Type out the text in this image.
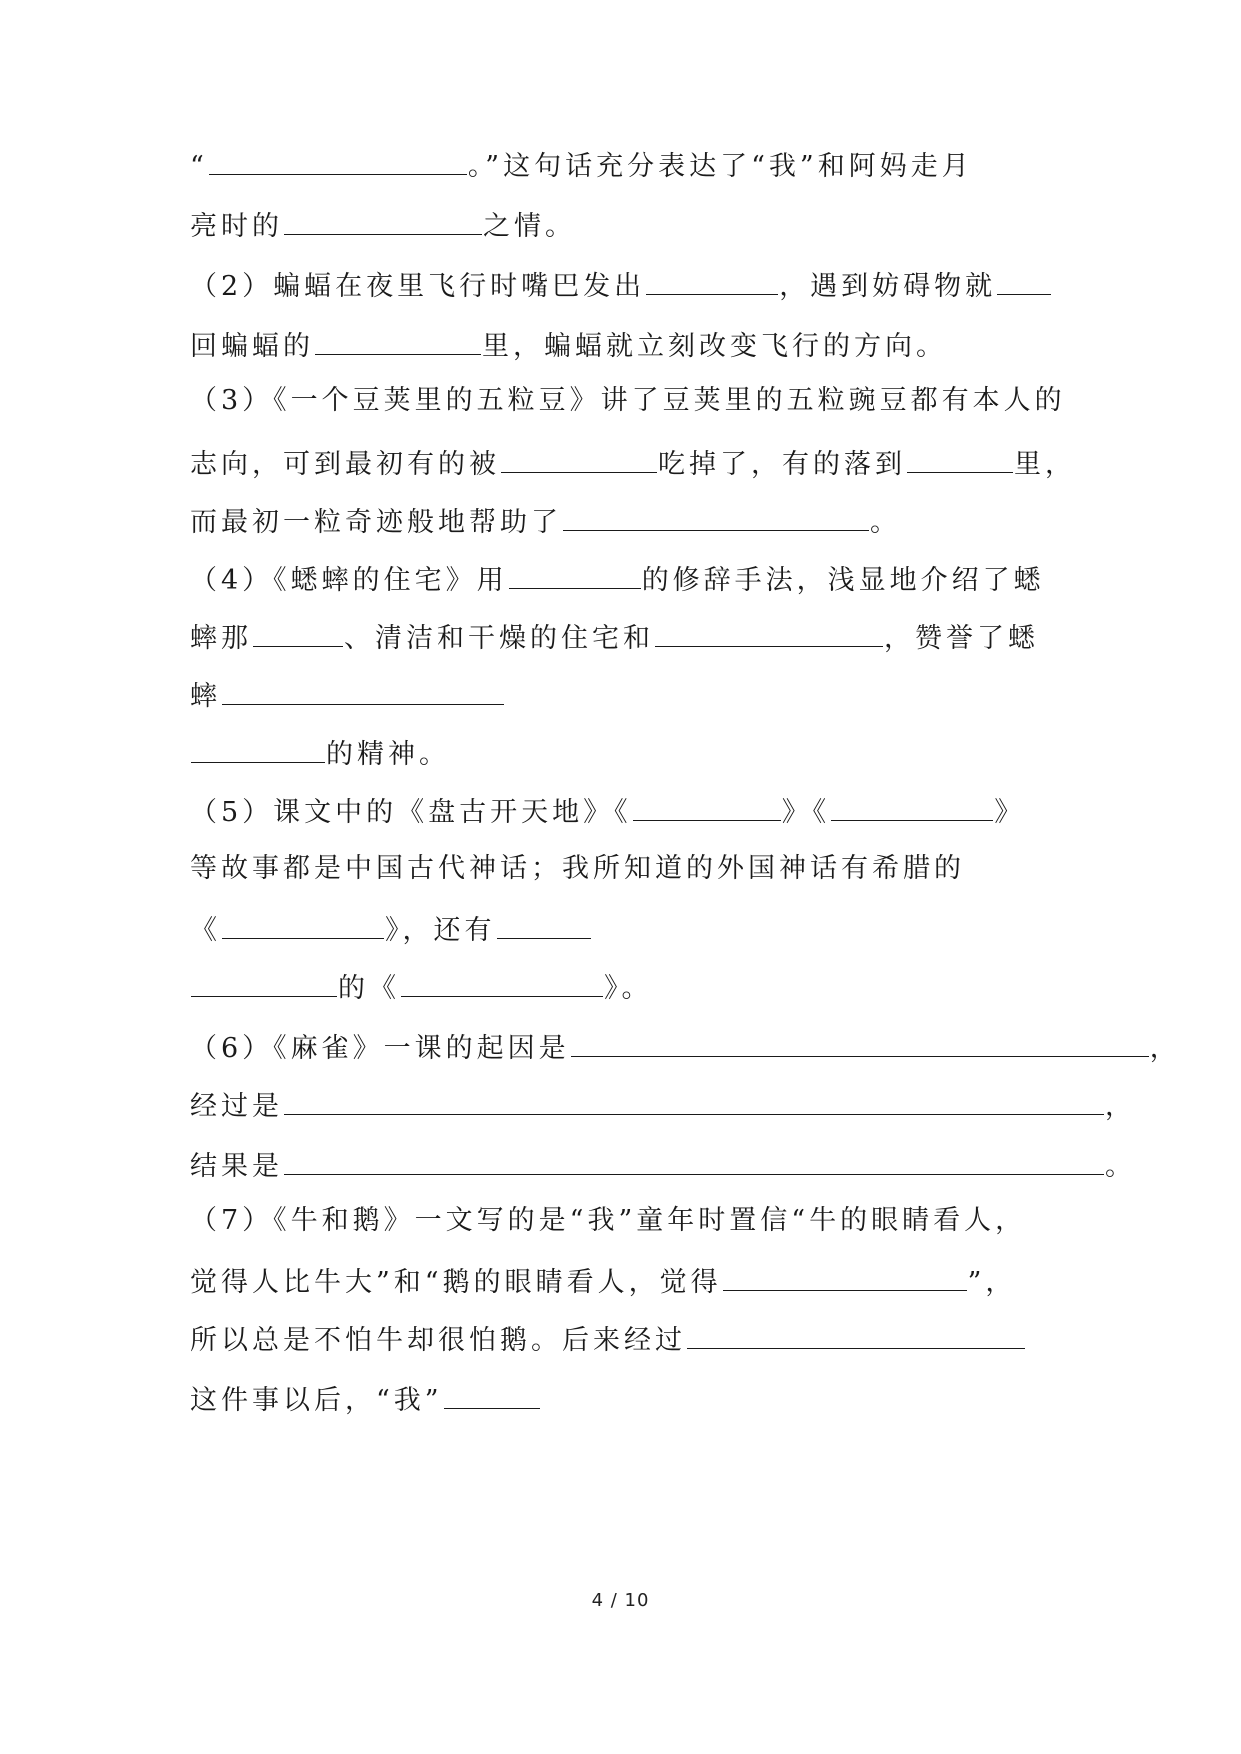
“	。”这句话充分表达了“我”和阿妈走月
亮时的	之情。
（2）蝙蝠在夜里飞行时嘴巴发出	，遇到妨碍物就
回蝙蝠的	里，蝙蝠就立刻改变飞行的方向。
（3）《一个豆荚里的五粒豆》讲了豆荚里的五粒豌豆都有本人的
志向，可到最初有的被	吃掉了，有的落到	里，
而最初一粒奇迹般地帮助了	。
（4）《蟋蟀的住宅》用	的修辞手法，浅显地介绍了蟋
蟀那	、清洁和干燥的住宅和	，赞誉了蟋
蟀
的精神。
（5）课文中的《盘古开天地》《	》《	》
等故事都是中国古代神话；我所知道的外国神话有希腊的
《	》，还有
的《	》。
（6）《麻雀》一课的起因是	，
经过是	，
结果是	。
（7）《牛和鹅》一文写的是“我”童年时置信“牛的眼睛看人，
觉得人比牛大”和“鹅的眼睛看人，觉得	”，
所以总是不怕牛却很怕鹅。后来经过
这件事以后，“我”
4 / 10
